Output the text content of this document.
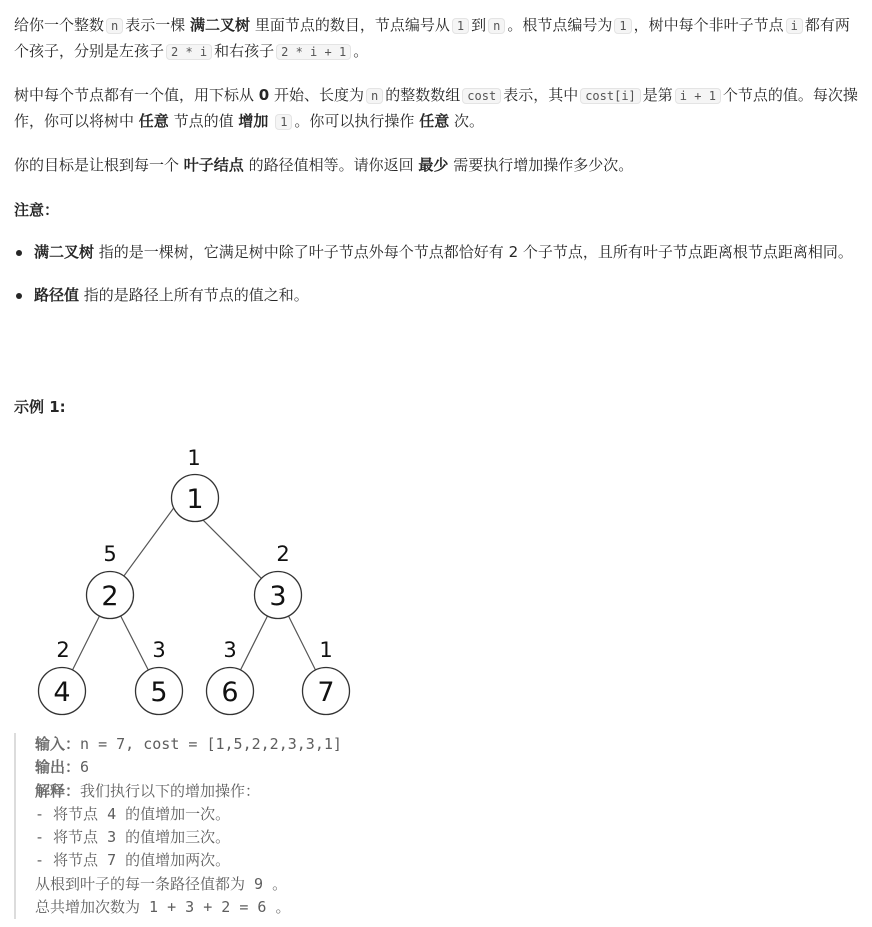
给你一个整数 n 表示一棵 满二叉树 里面节点的数目，节点编号从 1 到 n 。根节点编号为 1 ，树中每个非叶子节点 i 都有两个孩子，分别是左孩子 2 * i 和右孩子 2 * i + 1 。

树中每个节点都有一个值，用下标从 0 开始、长度为 n 的整数数组 cost 表示，其中 cost[i] 是第 i + 1 个节点的值。每次操作，你可以将树中 任意 节点的值 增加 1 。你可以执行操作 任意 次。

你的目标是让根到每一个 叶子结点 的路径值相等。请你返回 最少 需要执行增加操作多少次。

注意：

满二叉树 指的是一棵树，它满足树中除了叶子节点外每个节点都恰好有 2 个子节点，且所有叶子节点距离根节点距离相同。
路径值 指的是路径上所有节点的值之和。

示例 1:

1
2	3
4	5 6	7
1
5	2
2	3	3	1
输入：n = 7, cost = [1,5,2,2,3,3,1]
输出：6
解释：我们执行以下的增加操作：
- 将节点 4 的值增加一次。
- 将节点 3 的值增加三次。
- 将节点 7 的值增加两次。
从根到叶子的每一条路径值都为 9 。
总共增加次数为 1 + 3 + 2 = 6 。
